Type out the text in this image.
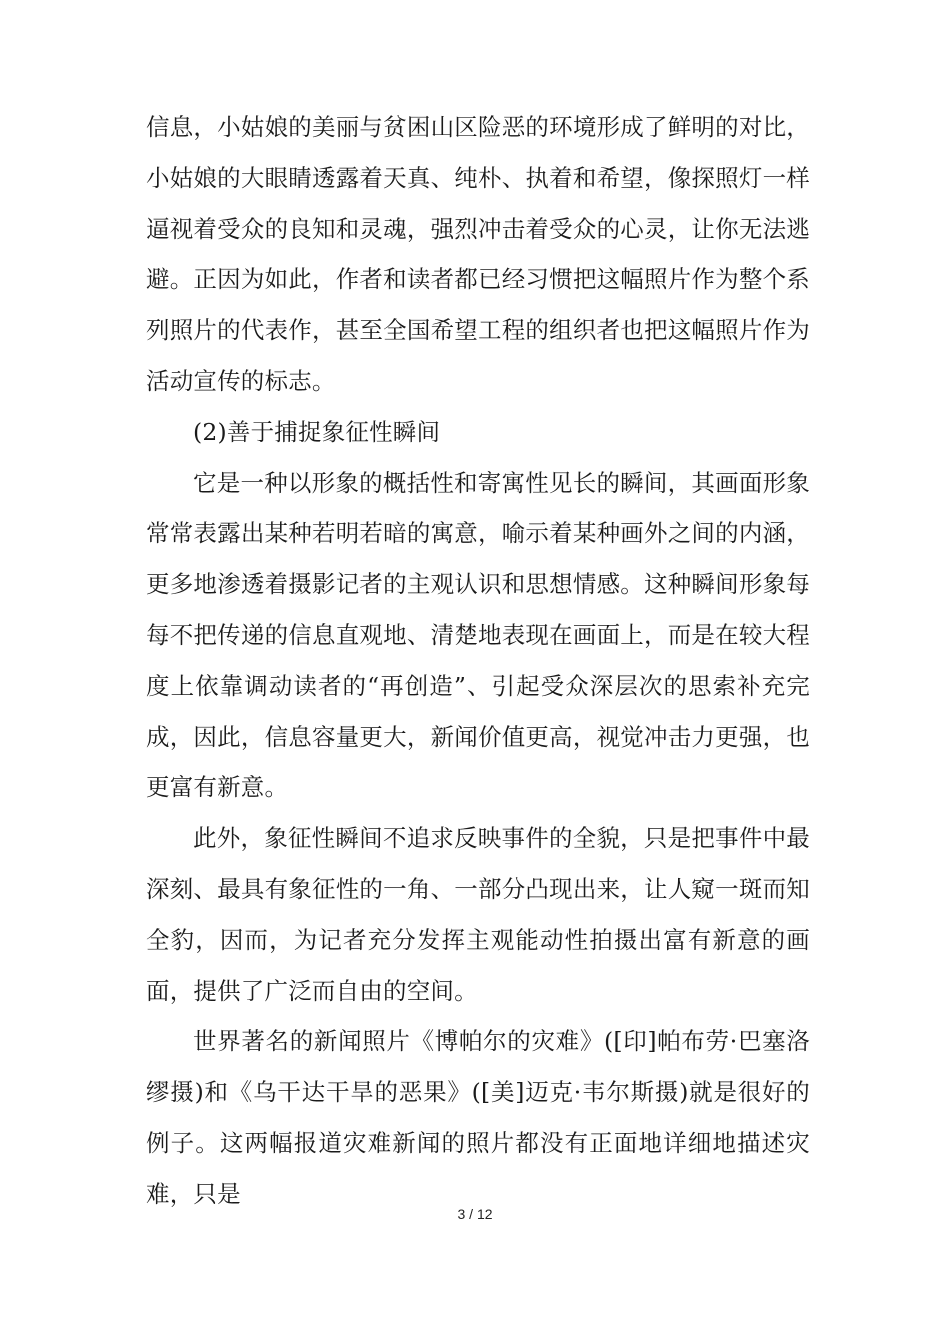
信息，小姑娘的美丽与贫困山区险恶的环境形成了鲜明的对比，小姑娘的大眼睛透露着天真、纯朴、执着和希望，像探照灯一样逼视着受众的良知和灵魂，强烈冲击着受众的心灵，让你无法逃避。正因为如此，作者和读者都已经习惯把这幅照片作为整个系列照片的代表作，甚至全国希望工程的组织者也把这幅照片作为活动宣传的标志。

(2)善于捕捉象征性瞬间

它是一种以形象的概括性和寄寓性见长的瞬间，其画面形象常常表露出某种若明若暗的寓意，喻示着某种画外之间的内涵，更多地渗透着摄影记者的主观认识和思想情感。这种瞬间形象每每不把传递的信息直观地、清楚地表现在画面上，而是在较大程度上依靠调动读者的“再创造”、引起受众深层次的思索补充完成，因此，信息容量更大，新闻价值更高，视觉冲击力更强，也更富有新意。

此外，象征性瞬间不追求反映事件的全貌，只是把事件中最深刻、最具有象征性的一角、一部分凸现出来，让人窥一斑而知全豹，因而，为记者充分发挥主观能动性拍摄出富有新意的画面，提供了广泛而自由的空间。

世界著名的新闻照片《博帕尔的灾难》([印]帕布劳·巴塞洛缪摄)和《乌干达干旱的恶果》([美]迈克·韦尔斯摄)就是很好的例子。这两幅报道灾难新闻的照片都没有正面地详细地描述灾难，只是

3 / 12
